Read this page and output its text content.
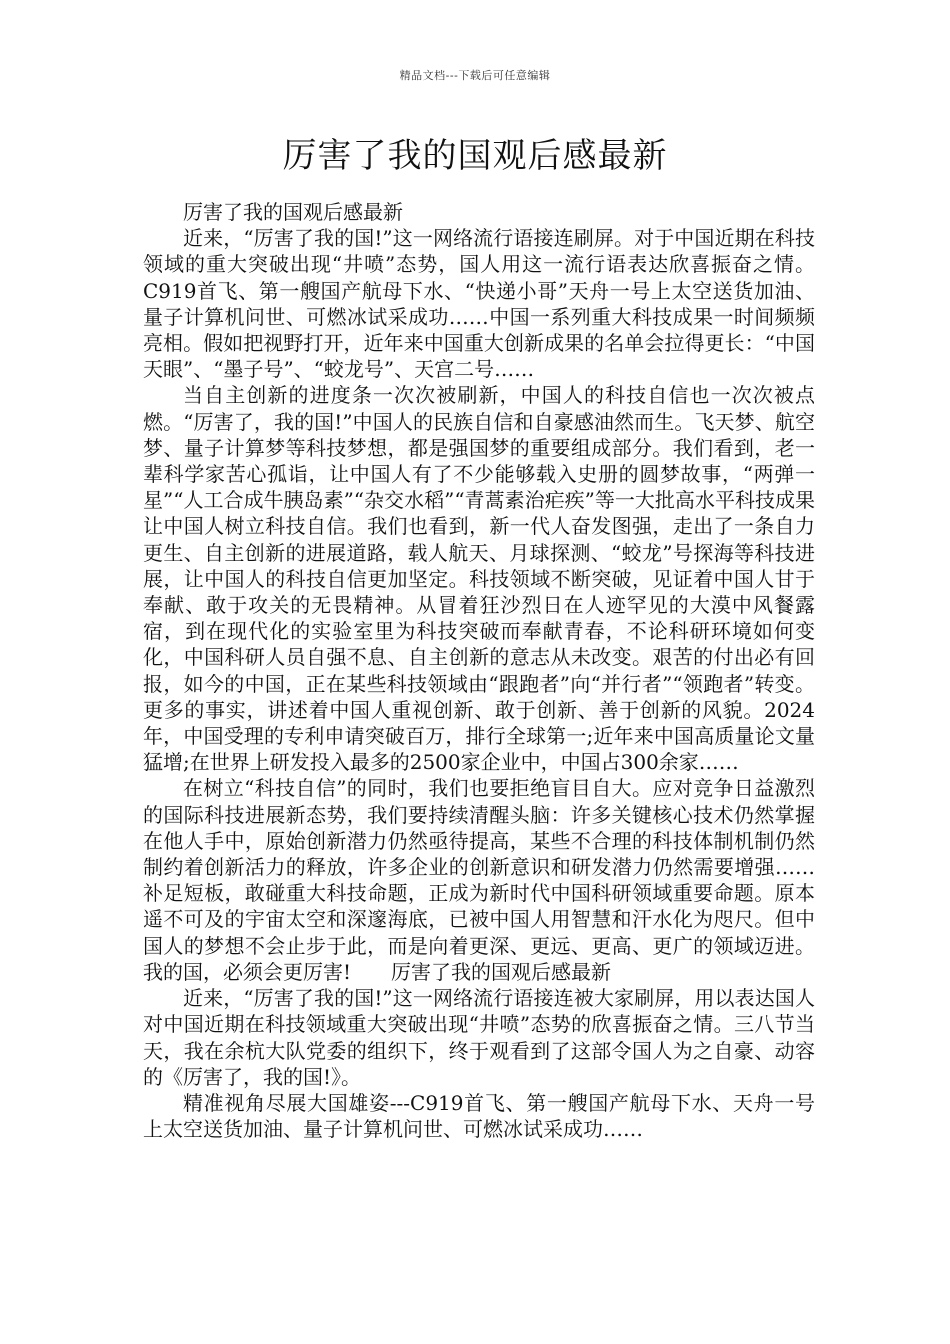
精品文档---下载后可任意编辑
厉害了我的国观后感最新

厉害了我的国观后感最新

近来，“厉害了我的国!”这一网络流行语接连刷屏。对于中国近期在科技领域的重大突破出现“井喷”态势，国人用这一流行语表达欣喜振奋之情。C919首飞、第一艘国产航母下水、“快递小哥”天舟一号上太空送货加油、量子计算机问世、可燃冰试采成功……中国一系列重大科技成果一时间频频亮相。假如把视野打开，近年来中国重大创新成果的名单会拉得更长：“中国天眼”、“墨子号”、“蛟龙号”、天宫二号……

当自主创新的进度条一次次被刷新，中国人的科技自信也一次次被点燃。“厉害了，我的国!”中国人的民族自信和自豪感油然而生。飞天梦、航空梦、量子计算梦等科技梦想，都是强国梦的重要组成部分。我们看到，老一辈科学家苦心孤诣，让中国人有了不少能够载入史册的圆梦故事，“两弹一星”“人工合成牛胰岛素”“杂交水稻”“青蒿素治疟疾”等一大批高水平科技成果让中国人树立科技自信。我们也看到，新一代人奋发图强，走出了一条自力更生、自主创新的进展道路，载人航天、月球探测、“蛟龙”号探海等科技进展，让中国人的科技自信更加坚定。科技领域不断突破，见证着中国人甘于奉献、敢于攻关的无畏精神。从冒着狂沙烈日在人迹罕见的大漠中风餐露宿，到在现代化的实验室里为科技突破而奉献青春，不论科研环境如何变化，中国科研人员自强不息、自主创新的意志从未改变。艰苦的付出必有回报，如今的中国，正在某些科技领域由“跟跑者”向“并行者”“领跑者”转变。更多的事实，讲述着中国人重视创新、敢于创新、善于创新的风貌。2024年，中国受理的专利申请突破百万，排行全球第一;近年来中国高质量论文量猛增;在世界上研发投入最多的2500家企业中，中国占300余家……

在树立“科技自信”的同时，我们也要拒绝盲目自大。应对竞争日益激烈的国际科技进展新态势，我们要持续清醒头脑：许多关键核心技术仍然掌握在他人手中，原始创新潜力仍然亟待提高，某些不合理的科技体制机制仍然制约着创新活力的释放，许多企业的创新意识和研发潜力仍然需要增强……补足短板，敢碰重大科技命题，正成为新时代中国科研领域重要命题。原本遥不可及的宇宙太空和深邃海底，已被中国人用智慧和汗水化为咫尺。但中国人的梦想不会止步于此，而是向着更深、更远、更高、更广的领域迈进。我的国，必须会更厉害!　　厉害了我的国观后感最新

近来，“厉害了我的国!”这一网络流行语接连被大家刷屏，用以表达国人对中国近期在科技领域重大突破出现“井喷”态势的欣喜振奋之情。三八节当天，我在余杭大队党委的组织下，终于观看到了这部令国人为之自豪、动容的《厉害了，我的国!》。

精准视角尽展大国雄姿---C919首飞、第一艘国产航母下水、天舟一号上太空送货加油、量子计算机问世、可燃冰试采成功……
